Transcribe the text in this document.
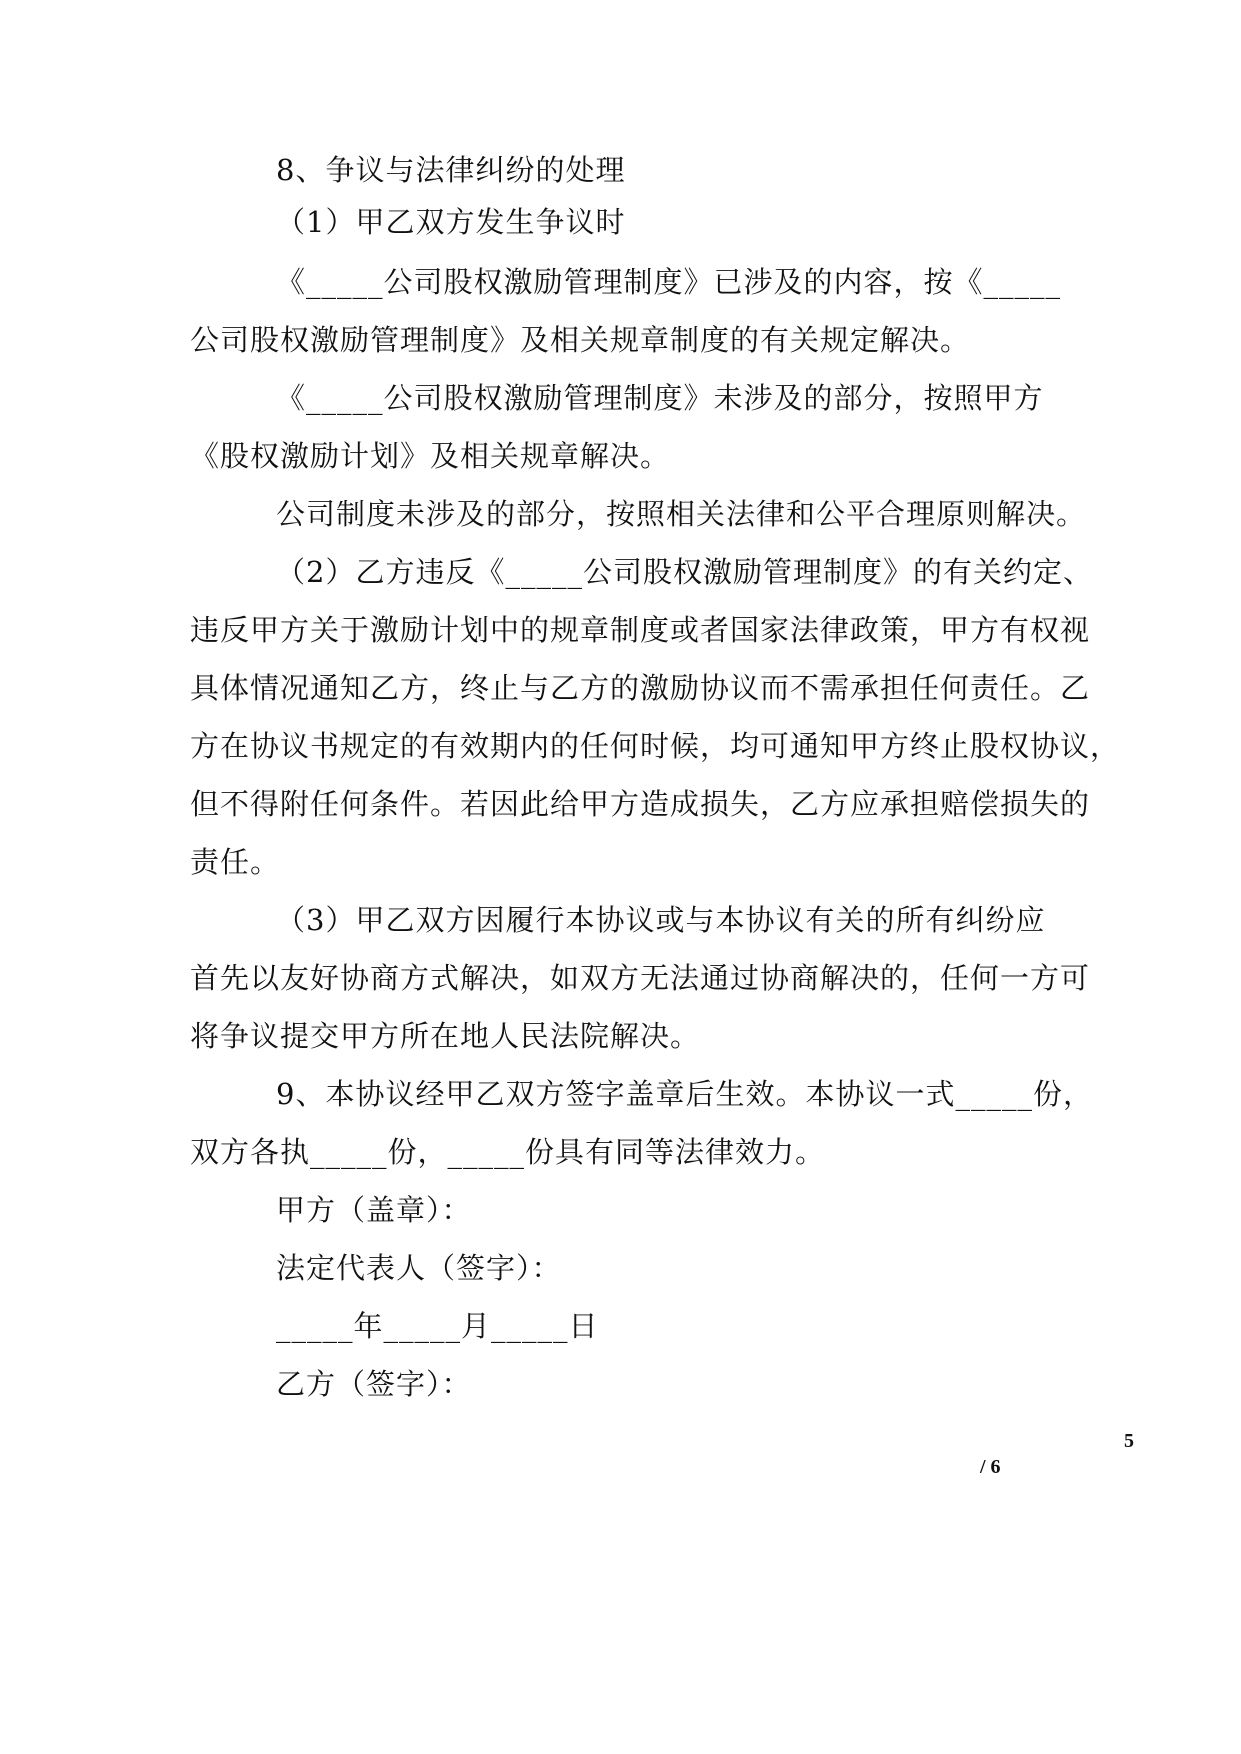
8、争议与法律纠纷的处理
（1）甲乙双方发生争议时
《_____公司股权激励管理制度》已涉及的内容，按《_____
公司股权激励管理制度》及相关规章制度的有关规定解决。
《_____公司股权激励管理制度》未涉及的部分，按照甲方
《股权激励计划》及相关规章解决。
公司制度未涉及的部分，按照相关法律和公平合理原则解决。
（2）乙方违反《_____公司股权激励管理制度》的有关约定、
违反甲方关于激励计划中的规章制度或者国家法律政策，甲方有权视
具体情况通知乙方，终止与乙方的激励协议而不需承担任何责任。乙
方在协议书规定的有效期内的任何时候，均可通知甲方终止股权协议，
但不得附任何条件。若因此给甲方造成损失，乙方应承担赔偿损失的
责任。
（3）甲乙双方因履行本协议或与本协议有关的所有纠纷应
首先以友好协商方式解决，如双方无法通过协商解决的，任何一方可
将争议提交甲方所在地人民法院解决。
9、本协议经甲乙双方签字盖章后生效。本协议一式_____份，
双方各执_____份，_____份具有同等法律效力。
甲方（盖章）：
法定代表人（签字）：
_____年_____月_____日
乙方（签字）：
5
/ 6
